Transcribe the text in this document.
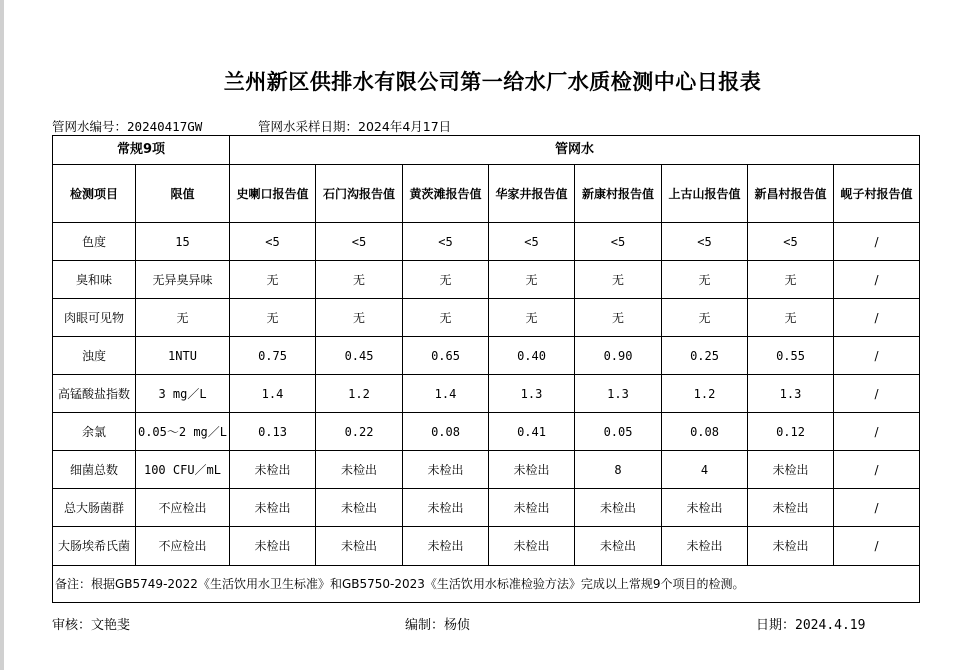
兰州新区供排水有限公司第一给水厂水质检测中心日报表
管网水编号：20240417GW	管网水采样日期：2024年4月17日
常规9项		管网水							
检测项目	限值	史喇口报告值	石门沟报告值	黄茨滩报告值	华家井报告值	新康村报告值	上古山报告值	新昌村报告值	岘子村报告值
色度	15	<5	<5	<5	<5	<5	<5	<5	/
臭和味	无异臭异味	无	无	无	无	无	无	无	/
肉眼可见物	无	无	无	无	无	无	无	无	/
浊度	1NTU	0.75	0.45	0.65	0.40	0.90	0.25	0.55	/
高锰酸盐指数	3 mg／L	1.4	1.2	1.4	1.3	1.3	1.2	1.3	/
余氯	0.05～2 mg／L	0.13	0.22	0.08	0.41	0.05	0.08	0.12	/
细菌总数	100 CFU／mL	未检出	未检出	未检出	未检出	8	4	未检出	/
总大肠菌群	不应检出	未检出	未检出	未检出	未检出	未检出	未检出	未检出	/
大肠埃希氏菌	不应检出	未检出	未检出	未检出	未检出	未检出	未检出	未检出	/
备注：根据GB5749-2022《生活饮用水卫生标准》和GB5750-2023《生活饮用水标准检验方法》完成以上常规9个项目的检测。									
审核：文艳斐	编制：杨侦	日期：2024.4.19
